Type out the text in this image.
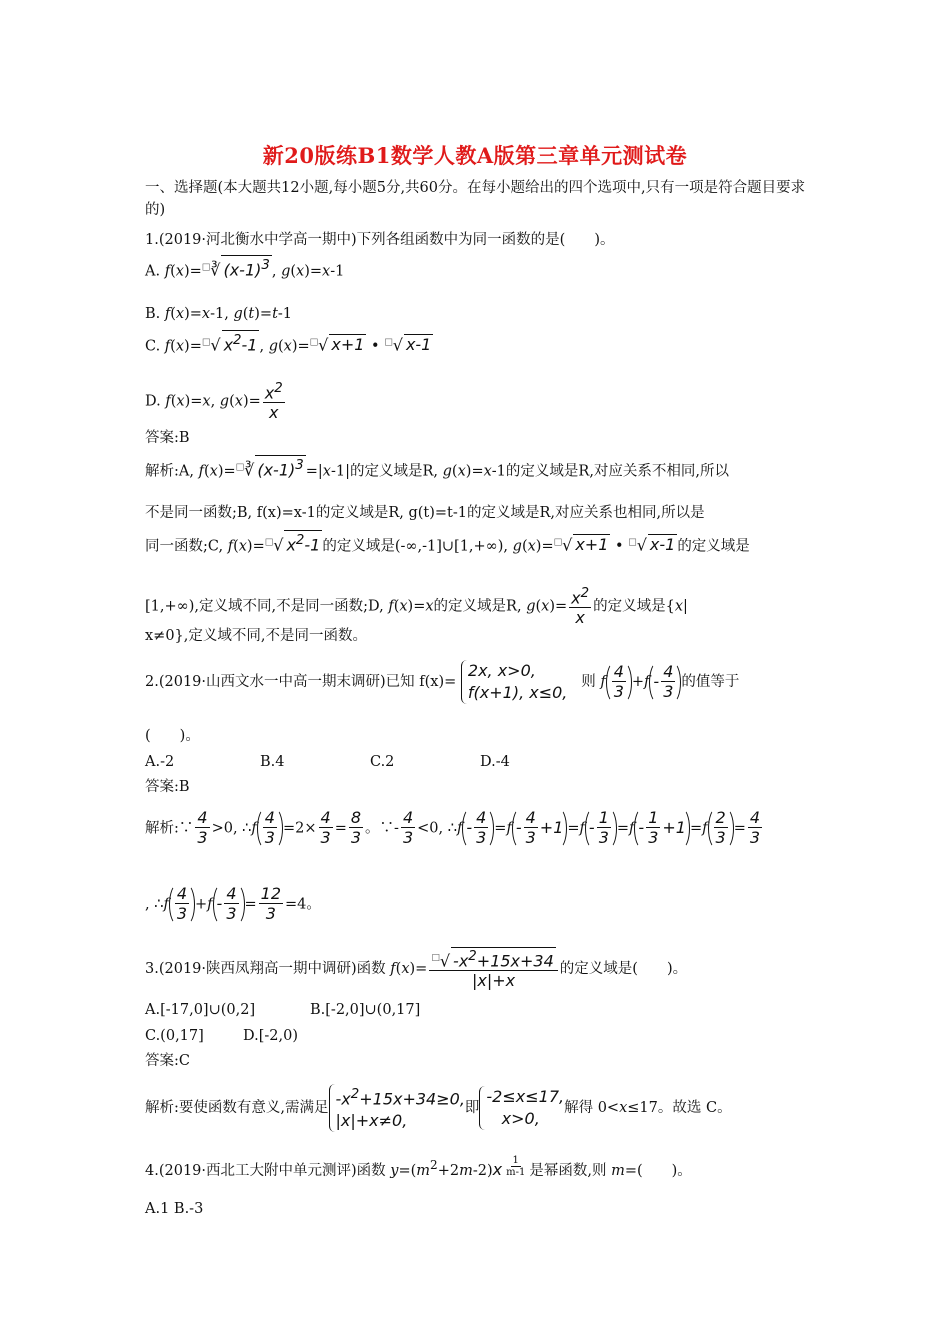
新20版练B1数学人教A版第三章单元测试卷
一、选择题(本大题共12小题,每小题5分,共60分。在每小题给出的四个选项中,只有一项是符合题目要求的)
1.(2019·河北衡水中学高一期中)下列各组函数中为同一函数的是(　　)。
A. f(x)=□∛ $(x-1)^3$ , g(x)=x-1
B. f(x)=x-1, g(t)=t-1
C. f(x)=□√ $x^2-1$ , g(x)=□√ x+1 • □√ x-1
D. f(x)=x, $g(x)= \frac{x^2}{x}$
答案:B
解析:A, f(x)=□∛ $(x-1)^3 =|x-1|$的定义域是R, g(x)=x-1的定义域是R,对应关系不相同,所以
不是同一函数;B, f(x)=x-1的定义域是R, g(t)=t-1的定义域是R,对应关系也相同,所以是
同一函数;C, f(x)=□√ $x^2-1$ 的定义域是(-∞,-1]∪[1,+∞), g(x)=□√ x+1 • □√ x-1 的定义域是
[1,+∞),定义域不同,不是同一函数;D, f(x)=x的定义域是R, $g(x)= \frac{x^2}{x}$ 的定义域是{x|
x≠0},定义域不同,不是同一函数。
2.(2019·山西文水一中高一期末调研)已知 f(x)=
2x, x>0,
f(x+1), x≤0,
则 f $\frac{4}{3} +f - \frac{4}{3}$ 的值等于
(　　)。
A.-2	B.4	C.2	D.-4
答案:B
解析:∵ $\frac{4}{3} >0$, ∴f $\frac{4}{3} =2\times \frac{4}{3} = \frac{8}{3}$ 。∵- $\frac{4}{3} <0$, ∴f - $\frac{4}{3} =f - \frac{4}{3} +1 =f - \frac{1}{3} =f - \frac{1}{3} +1 =f \frac{2}{3} = \frac{4}{3}$
, ∴f $\frac{4}{3} +f - \frac{4}{3} = \frac{12}{3} =4$。
3.(2019·陕西凤翔高一期中调研)函数 $f(x)= \frac{^□√ -x^2+15x+34}{|x|+x}$ 的定义域是(　　)。
A.[-17,0]∪(0,2]	B.[-2,0]∪(0,17]
C.(0,17]	D.[-2,0)
答案:C
解析:要使函数有意义,需满足 $-x^2+15x+34\ge 0$,
|x|+x≠0,
即
-2≤x≤17,
x>0,
解得 0<x≤17。故选 C。
4.(2019·西北工大附中单元测评)函数 $y=(m^2+2m-2)x$ $^{\frac{1}{m-1}}$ 是幂函数,则 m=(　　)。
A.1 B.-3
